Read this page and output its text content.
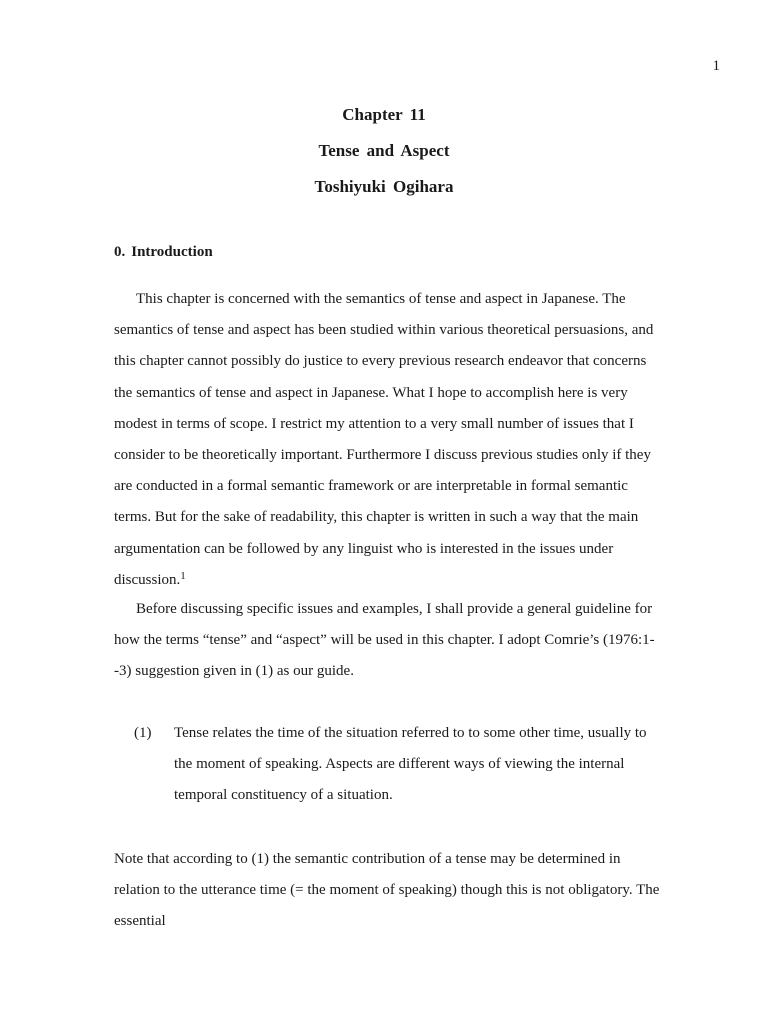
1
Chapter 11
Tense and Aspect
Toshiyuki Ogihara
0. Introduction

This chapter is concerned with the semantics of tense and aspect in Japanese. The semantics of tense and aspect has been studied within various theoretical persuasions, and this chapter cannot possibly do justice to every previous research endeavor that concerns the semantics of tense and aspect in Japanese. What I hope to accomplish here is very modest in terms of scope. I restrict my attention to a very small number of issues that I consider to be theoretically important. Furthermore I discuss previous studies only if they are conducted in a formal semantic framework or are interpretable in formal semantic terms. But for the sake of readability, this chapter is written in such a way that the main argumentation can be followed by any linguist who is interested in the issues under discussion.$^1$

Before discussing specific issues and examples, I shall provide a general guideline for how the terms “tense” and “aspect” will be used in this chapter. I adopt Comrie’s (1976:1--3) suggestion given in (1) as our guide.

(1) Tense relates the time of the situation referred to to some other time, usually to the moment of speaking. Aspects are different ways of viewing the internal temporal constituency of a situation.

Note that according to (1) the semantic contribution of a tense may be determined in relation to the utterance time (= the moment of speaking) though this is not obligatory. The essential
